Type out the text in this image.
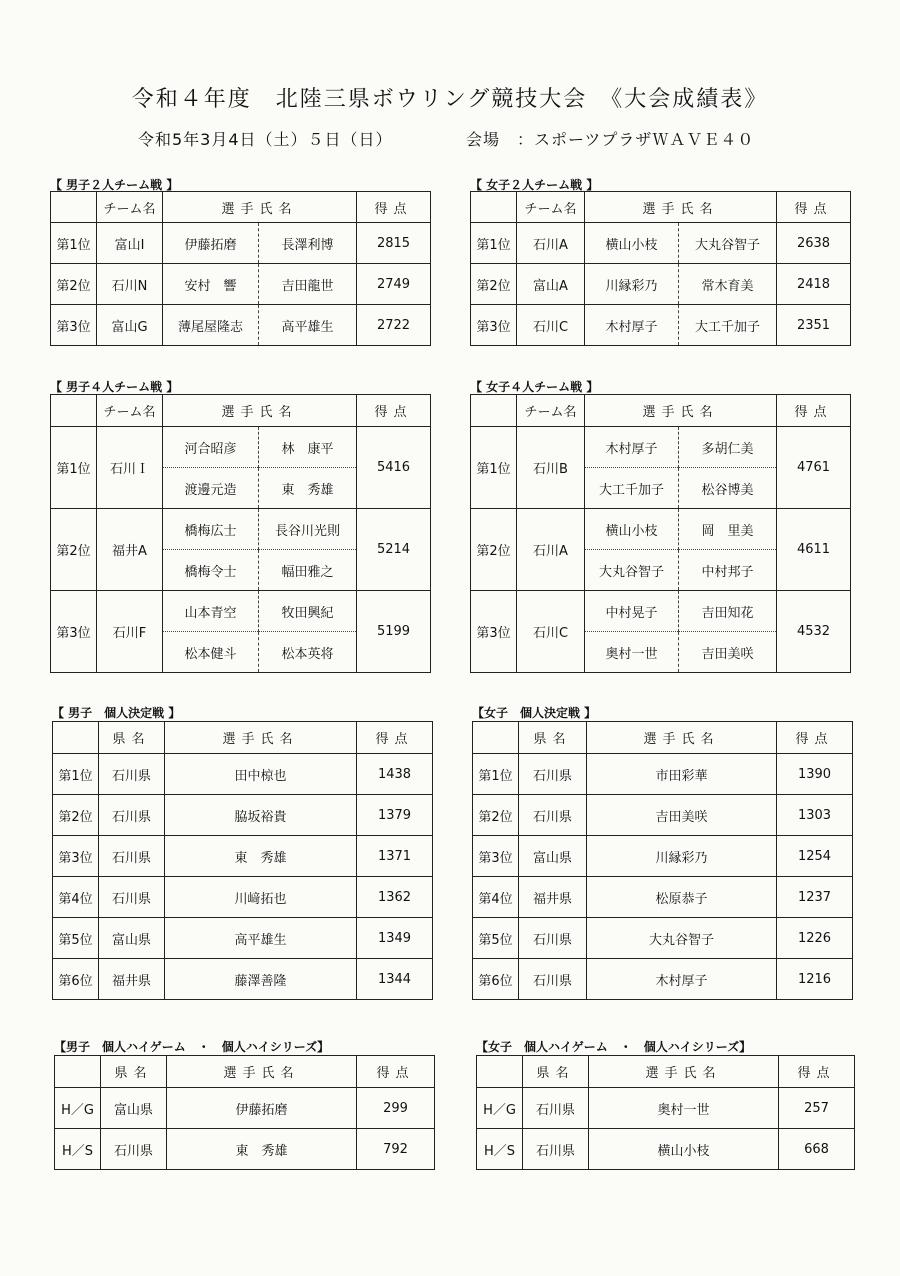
令和４年度　北陸三県ボウリング競技大会　《大会成績表》
令和5年3月4日（土）５日（日）	会場　：スポーツプラザＷＡＶＥ４０
【 男子２人チーム戦 】
	チーム名	選手氏名		得点
第1位	富山I	伊藤拓磨	長澤利博	2815
第2位	石川N	安村　響	吉田龍世	2749
第3位	富山G	薄尾屋隆志	高平雄生	2722
【 女子２人チーム戦 】
	チーム名	選手氏名		得点
第1位	石川A	横山小枝	大丸谷智子	2638
第2位	富山A	川縁彩乃	常木育美	2418
第3位	石川C	木村厚子	大工千加子	2351
【 男子４人チーム戦 】
	チーム名	選手氏名		得点
第1位	石川Ｉ	河合昭彦	林　康平	5416
		渡邊元造	東　秀雄	
第2位	福井A	橋梅広士	長谷川光則	5214
		橋梅令士	幅田雅之	
第3位	石川F	山本青空	牧田興紀	5199
		松本健斗	松本英将	
【 女子４人チーム戦 】
	チーム名	選手氏名		得点
第1位	石川B	木村厚子	多胡仁美	4761
		大工千加子	松谷博美	
第2位	石川A	横山小枝	岡　里美	4611
		大丸谷智子	中村邦子	
第3位	石川C	中村晃子	吉田知花	4532
		奥村一世	吉田美咲	
【 男子　個人決定戦 】
	県名	選手氏名	得点
第1位	石川県	田中椋也	1438
第2位	石川県	脇坂裕貴	1379
第3位	石川県	東　秀雄	1371
第4位	石川県	川﨑拓也	1362
第5位	富山県	高平雄生	1349
第6位	福井県	藤澤善隆	1344
【女子　個人決定戦 】
	県名	選手氏名	得点
第1位	石川県	市田彩華	1390
第2位	石川県	吉田美咲	1303
第3位	富山県	川縁彩乃	1254
第4位	福井県	松原恭子	1237
第5位	石川県	大丸谷智子	1226
第6位	石川県	木村厚子	1216
【男子　個人ハイゲーム　・　個人ハイシリーズ】
	県名	選手氏名	得点
H／G	富山県	伊藤拓磨	299
H／S	石川県	東　秀雄	792
【女子　個人ハイゲーム　・　個人ハイシリーズ】
	県名	選手氏名	得点
H／G	石川県	奥村一世	257
H／S	石川県	横山小枝	668
